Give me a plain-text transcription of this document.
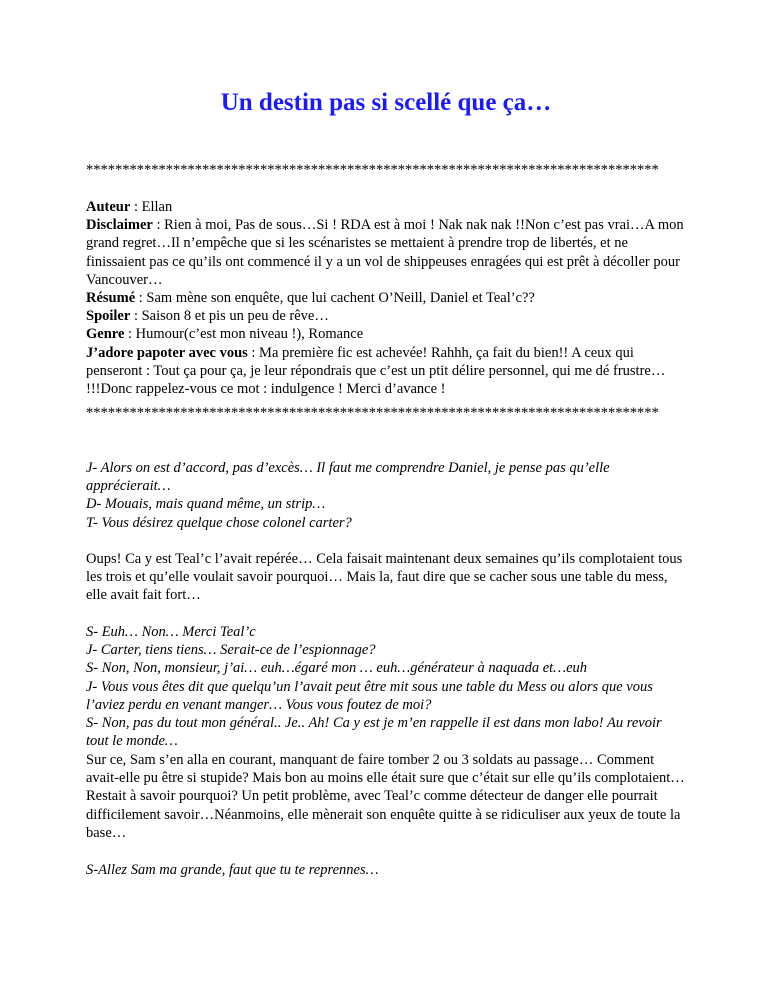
Un destin pas si scellé que ça…
*******************************************************************************

Auteur : Ellan

Disclaimer : Rien à moi, Pas de sous…Si ! RDA est à moi ! Nak nak nak !!Non c’est pas vrai…A mon grand regret…Il n’empêche que si les scénaristes se mettaient à prendre trop de libertés, et ne finissaient pas ce qu’ils ont commencé il y a un vol de shippeuses enragées qui est prêt à décoller pour Vancouver…

Résumé : Sam mène son enquête, que lui cachent O’Neill, Daniel et Teal’c??

Spoiler : Saison 8 et pis un peu de rêve…

Genre : Humour(c’est mon niveau !), Romance

J’adore papoter avec vous : Ma première fic est achevée! Rahhh, ça fait du bien!! A ceux qui penseront : Tout ça pour ça, je leur répondrais que c’est un ptit délire personnel, qui me dé frustre… !!!Donc rappelez-vous ce mot : indulgence ! Merci d’avance !

*******************************************************************************

J- Alors on est d’accord, pas d’excès… Il faut me comprendre Daniel, je pense pas qu’elle apprécierait…

D- Mouais, mais quand même, un strip…

T- Vous désirez quelque chose colonel carter?

Oups! Ca y est Teal’c l’avait repérée… Cela faisait maintenant deux semaines qu’ils complotaient tous les trois et qu’elle voulait savoir pourquoi… Mais la, faut dire que se cacher sous une table du mess, elle avait fait fort…

S- Euh… Non… Merci Teal’c

J- Carter, tiens tiens… Serait-ce de l’espionnage?

S- Non, Non, monsieur, j’ai… euh…égaré mon … euh…générateur à naquada et…euh

J- Vous vous êtes dit que quelqu’un l’avait peut être mit sous une table du Mess ou alors que vous l’aviez perdu en venant manger… Vous vous foutez de moi?

S- Non, pas du tout mon général.. Je.. Ah! Ca y est je m’en rappelle il est dans mon labo! Au revoir tout le monde…

Sur ce, Sam s’en alla en courant, manquant de faire tomber 2 ou 3 soldats au passage… Comment avait-elle pu être si stupide? Mais bon au moins elle était sure que c’était sur elle qu’ils complotaient… Restait à savoir pourquoi? Un petit problème, avec Teal’c comme détecteur de danger elle pourrait difficilement savoir…Néanmoins, elle mènerait son enquête quitte à se ridiculiser aux yeux de toute la base…

S-Allez Sam ma grande, faut que tu te reprennes…
